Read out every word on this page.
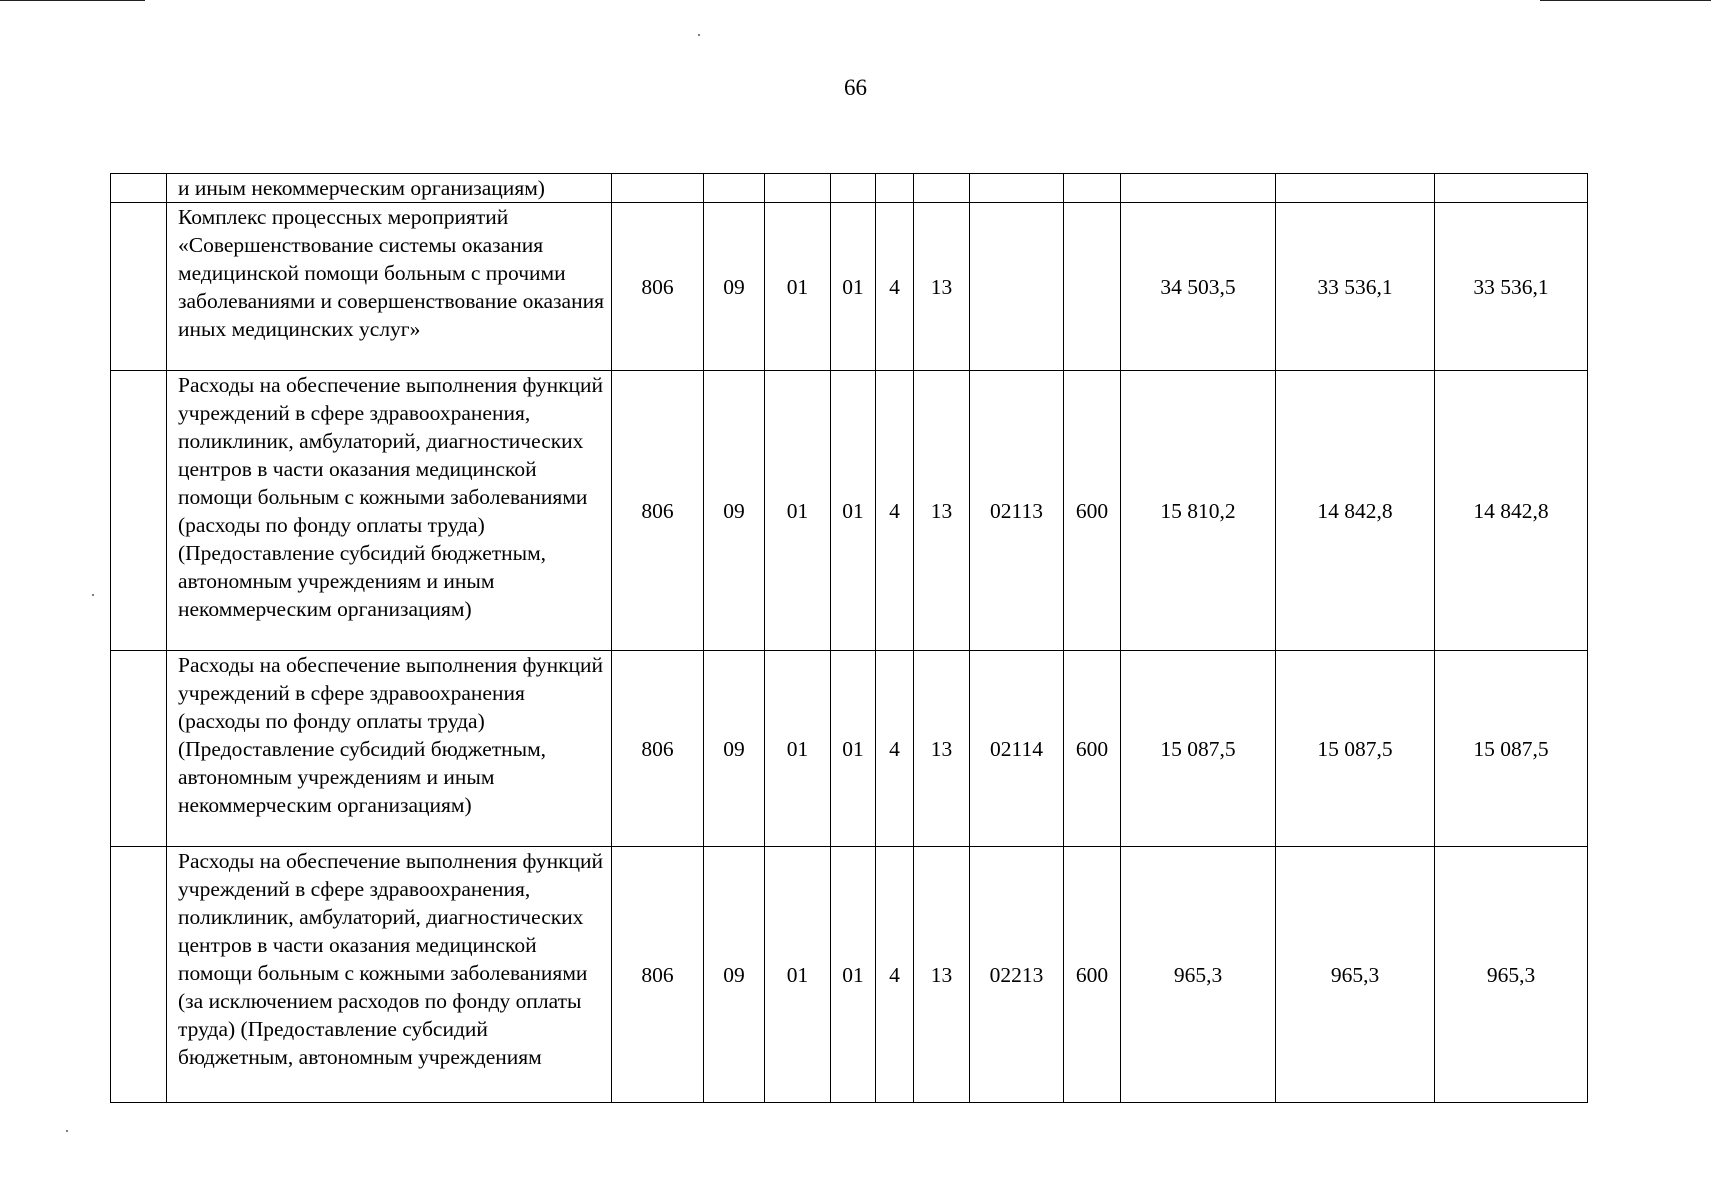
66
	и иным некоммерческим организациям)											
	Комплекс процессных мероприятий «Совершенствование системы оказания медицинской помощи больным с прочими заболеваниями и совершенствование оказания иных медицинских услуг»	806	09	01	01	4	13			34 503,5	33 536,1	33 536,1
	Расходы на обеспечение выполнения функций учреждений в сфере здравоохранения, поликлиник, амбулаторий, диагностических центров в части оказания медицинской помощи больным с кожными заболеваниями (расходы по фонду оплаты труда) (Предоставление субсидий бюджетным, автономным учреждениям и иным некоммерческим организациям)	806	09	01	01	4	13	02113	600	15 810,2	14 842,8	14 842,8
	Расходы на обеспечение выполнения функций учреждений в сфере здравоохранения (расходы по фонду оплаты труда) (Предоставление субсидий бюджетным, автономным учреждениям и иным некоммерческим организациям)	806	09	01	01	4	13	02114	600	15 087,5	15 087,5	15 087,5
	Расходы на обеспечение выполнения функций учреждений в сфере здравоохранения, поликлиник, амбулаторий, диагностических центров в части оказания медицинской помощи больным с кожными заболеваниями (за исключением расходов по фонду оплаты труда) (Предоставление субсидий бюджетным, автономным учреждениям	806	09	01	01	4	13	02213	600	965,3	965,3	965,3
